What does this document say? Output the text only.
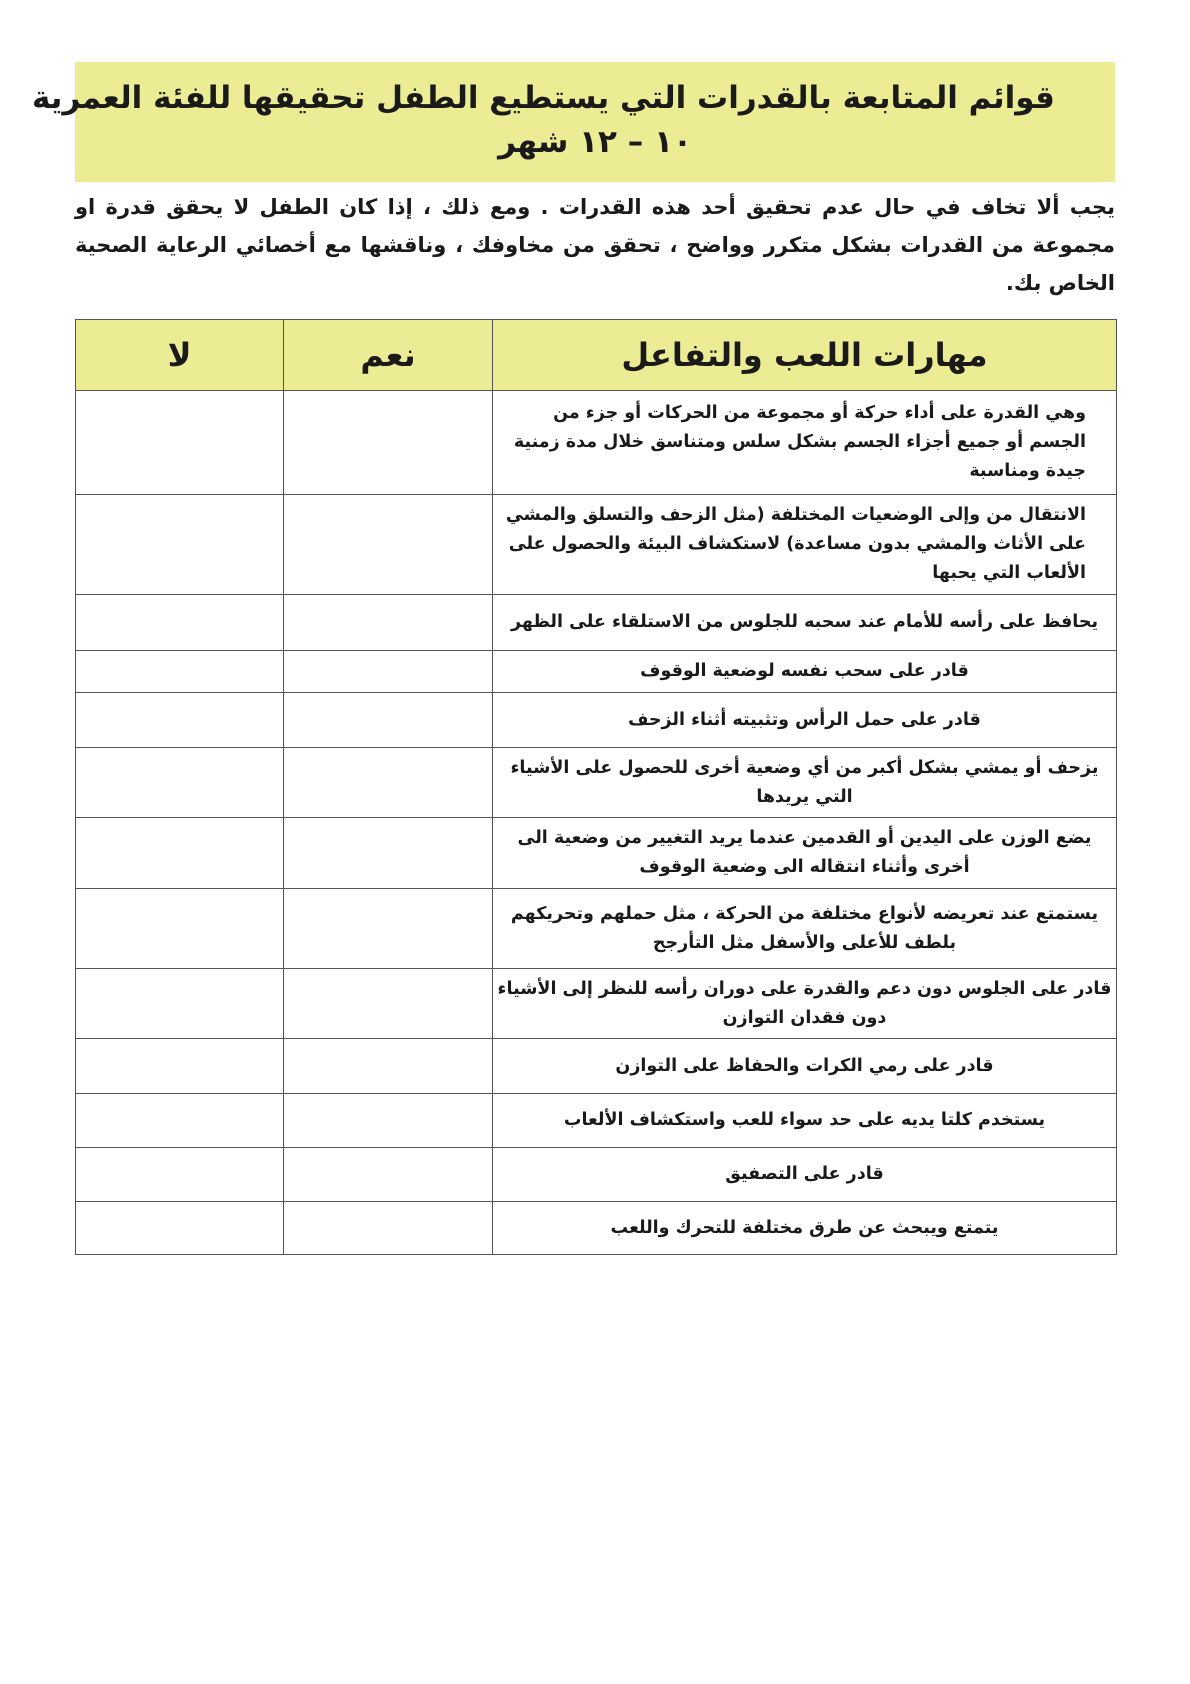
قوائم المتابعة بالقدرات التي يستطيع الطفل تحقيقها للفئة العمرية
١٠ – ١٢ شهر
يجب ألا تخاف في حال عدم تحقيق أحد هذه القدرات . ومع ذلك ، إذا كان الطفل لا يحقق قدرة او مجموعة من القدرات بشكل متكرر وواضح ، تحقق من مخاوفك ، وناقشها مع أخصائي الرعاية الصحية الخاص بك.
مهارات اللعب والتفاعل	نعم	لا
وهي القدرة على أداء حركة أو مجموعة من الحركات أو جزء من الجسم أو جميع أجزاء الجسم بشكل سلس ومتناسق خلال مدة زمنية جيدة ومناسبة		
الانتقال من وإلى الوضعيات المختلفة (مثل الزحف والتسلق والمشي على الأثاث والمشي بدون مساعدة) لاستكشاف البيئة والحصول على الألعاب التي يحبها		
يحافظ على رأسه للأمام عند سحبه للجلوس من الاستلقاء على الظهر		
قادر على سحب نفسه لوضعية الوقوف		
قادر على حمل الرأس وتثبيته أثناء الزحف		
يزحف أو يمشي بشكل أكبر من أي وضعية أخرى للحصول على الأشياء التي يريدها		
يضع الوزن على اليدين أو القدمين عندما يريد التغيير من وضعية الى أخرى وأثناء انتقاله الى وضعية الوقوف		
يستمتع عند تعريضه لأنواع مختلفة من الحركة ، مثل حملهم وتحريكهم بلطف للأعلى والأسفل مثل التأرجح		
قادر على الجلوس دون دعم والقدرة على دوران رأسه للنظر إلى الأشياء دون فقدان التوازن		
قادر على رمي الكرات والحفاظ على التوازن		
يستخدم كلتا يديه على حد سواء للعب واستكشاف الألعاب		
قادر على التصفيق		
يتمتع ويبحث عن طرق مختلفة للتحرك واللعب		
